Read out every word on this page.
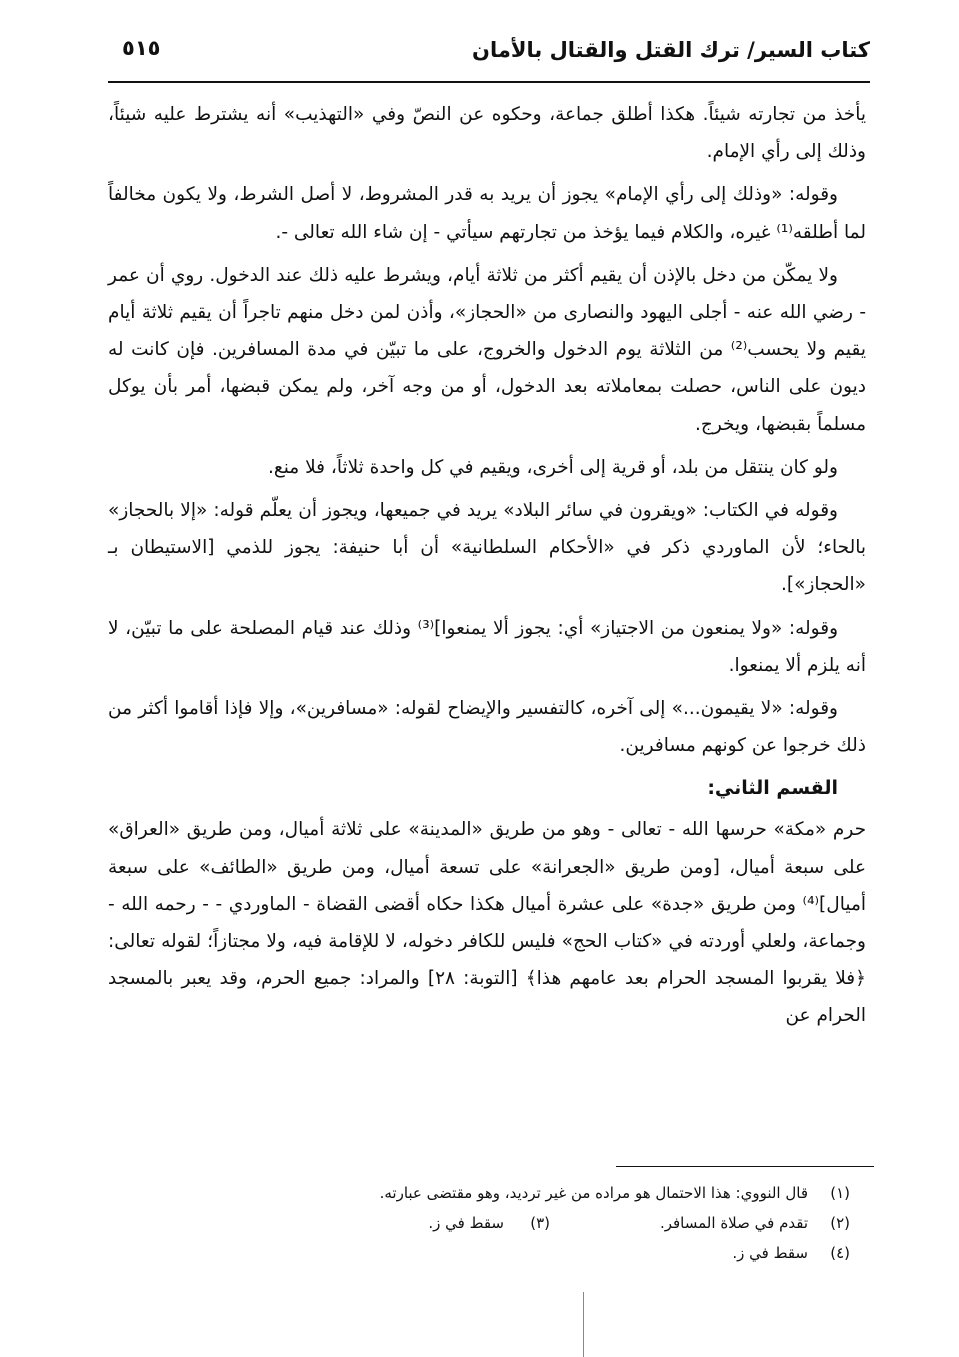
كتاب السير/ ترك القتل والقتال بالأمان
٥١٥

يأخذ من تجارته شيئاً. هكذا أطلق جماعة، وحكوه عن النصّ وفي «التهذيب» أنه يشترط عليه شيئاً، وذلك إلى رأي الإمام.

وقوله: «وذلك إلى رأي الإمام» يجوز أن يريد به قدر المشروط، لا أصل الشرط، ولا يكون مخالفاً لما أطلقه⁽¹⁾ غيره، والكلام فيما يؤخذ من تجارتهم سيأتي - إن شاء الله تعالى -.

ولا يمكّن من دخل بالإذن أن يقيم أكثر من ثلاثة أيام، ويشرط عليه ذلك عند الدخول. روي أن عمر - رضي الله عنه - أجلى اليهود والنصارى من «الحجاز»، وأذن لمن دخل منهم تاجراً أن يقيم ثلاثة أيام يقيم ولا يحسب⁽²⁾ من الثلاثة يوم الدخول والخروج، على ما تبيّن في مدة المسافرين. فإن كانت له ديون على الناس، حصلت بمعاملاته بعد الدخول، أو من وجه آخر، ولم يمكن قبضها، أمر بأن يوكل مسلماً بقبضها، ويخرج.

ولو كان ينتقل من بلد، أو قرية إلى أخرى، ويقيم في كل واحدة ثلاثاً، فلا منع.

وقوله في الكتاب: «ويقرون في سائر البلاد» يريد في جميعها، ويجوز أن يعلّم قوله: «إلا بالحجاز» بالحاء؛ لأن الماوردي ذكر في «الأحكام السلطانية» أن أبا حنيفة: يجوز للذمي [الاستيطان بـ «الحجاز»].

وقوله: «ولا يمنعون من الاجتياز» أي: يجوز ألا يمنعوا]⁽³⁾ وذلك عند قيام المصلحة على ما تبيّن، لا أنه يلزم ألا يمنعوا.

وقوله: «لا يقيمون...» إلى آخره، كالتفسير والإيضاح لقوله: «مسافرين»، وإلا فإذا أقاموا أكثر من ذلك خرجوا عن كونهم مسافرين.

القسم الثاني:

حرم «مكة» حرسها الله - تعالى - وهو من طريق «المدينة» على ثلاثة أميال، ومن طريق «العراق» على سبعة أميال، [ومن طريق «الجعرانة» على تسعة أميال، ومن طريق «الطائف» على سبعة أميال]⁽⁴⁾ ومن طريق «جدة» على عشرة أميال هكذا حكاه أقضى القضاة - الماوردي - - رحمه الله - وجماعة، ولعلي أوردته في «كتاب الحج» فليس للكافر دخوله، لا للإقامة فيه، ولا مجتازاً؛ لقوله تعالى: ﴿فلا يقربوا المسجد الحرام بعد عامهم هذا﴾ [التوبة: ٢٨] والمراد: جميع الحرم، وقد يعبر بالمسجد الحرام عن

(١)
قال النووي: هذا الاحتمال هو مراده من غير ترديد، وهو مقتضى عبارته.
(٢)
تقدم في صلاة المسافر.
(٣)
سقط في ز.
(٤)
سقط في ز.
